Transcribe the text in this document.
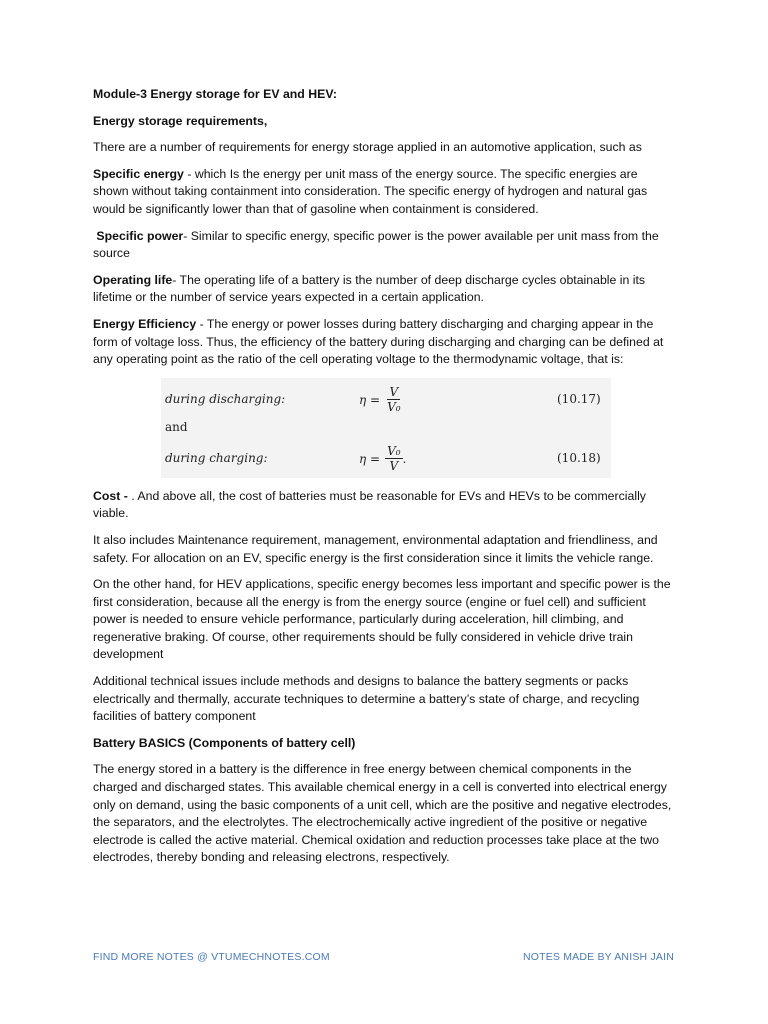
Module-3 Energy storage for EV and HEV:

Energy storage requirements,

There are a number of requirements for energy storage applied in an automotive application, such as

Specific energy - which Is the energy per unit mass of the energy source. The specific energies are shown without taking containment into consideration. The specific energy of hydrogen and natural gas would be significantly lower than that of gasoline when containment is considered.

Specific power- Similar to specific energy, specific power is the power available per unit mass from the source

Operating life- The operating life of a battery is the number of deep discharge cycles obtainable in its lifetime or the number of service years expected in a certain application.

Energy Efficiency - The energy or power losses during battery discharging and charging appear in the form of voltage loss. Thus, the efficiency of the battery during discharging and charging can be defined at any operating point as the ratio of the cell operating voltage to the thermodynamic voltage, that is:

during discharging:	$\eta = \frac{V}{\text{V₀}}$	(10.17)
and
during charging:	$\eta = \frac{\text{V₀}}{V}$ .	(10.18)

Cost - . And above all, the cost of batteries must be reasonable for EVs and HEVs to be commercially viable.

It also includes Maintenance requirement, management, environmental adaptation and friendliness, and safety. For allocation on an EV, specific energy is the first consideration since it limits the vehicle range.

On the other hand, for HEV applications, specific energy becomes less important and specific power is the first consideration, because all the energy is from the energy source (engine or fuel cell) and sufficient power is needed to ensure vehicle performance, particularly during acceleration, hill climbing, and regenerative braking. Of course, other requirements should be fully considered in vehicle drive train development

Additional technical issues include methods and designs to balance the battery segments or packs electrically and thermally, accurate techniques to determine a battery’s state of charge, and recycling facilities of battery component

Battery BASICS (Components of battery cell)

The energy stored in a battery is the difference in free energy between chemical components in the charged and discharged states. This available chemical energy in a cell is converted into electrical energy only on demand, using the basic components of a unit cell, which are the positive and negative electrodes, the separators, and the electrolytes. The electrochemically active ingredient of the positive or negative electrode is called the active material. Chemical oxidation and reduction processes take place at the two electrodes, thereby bonding and releasing electrons, respectively.

FIND MORE NOTES @ VTUMECHNOTES.COM	NOTES MADE BY ANISH JAIN
